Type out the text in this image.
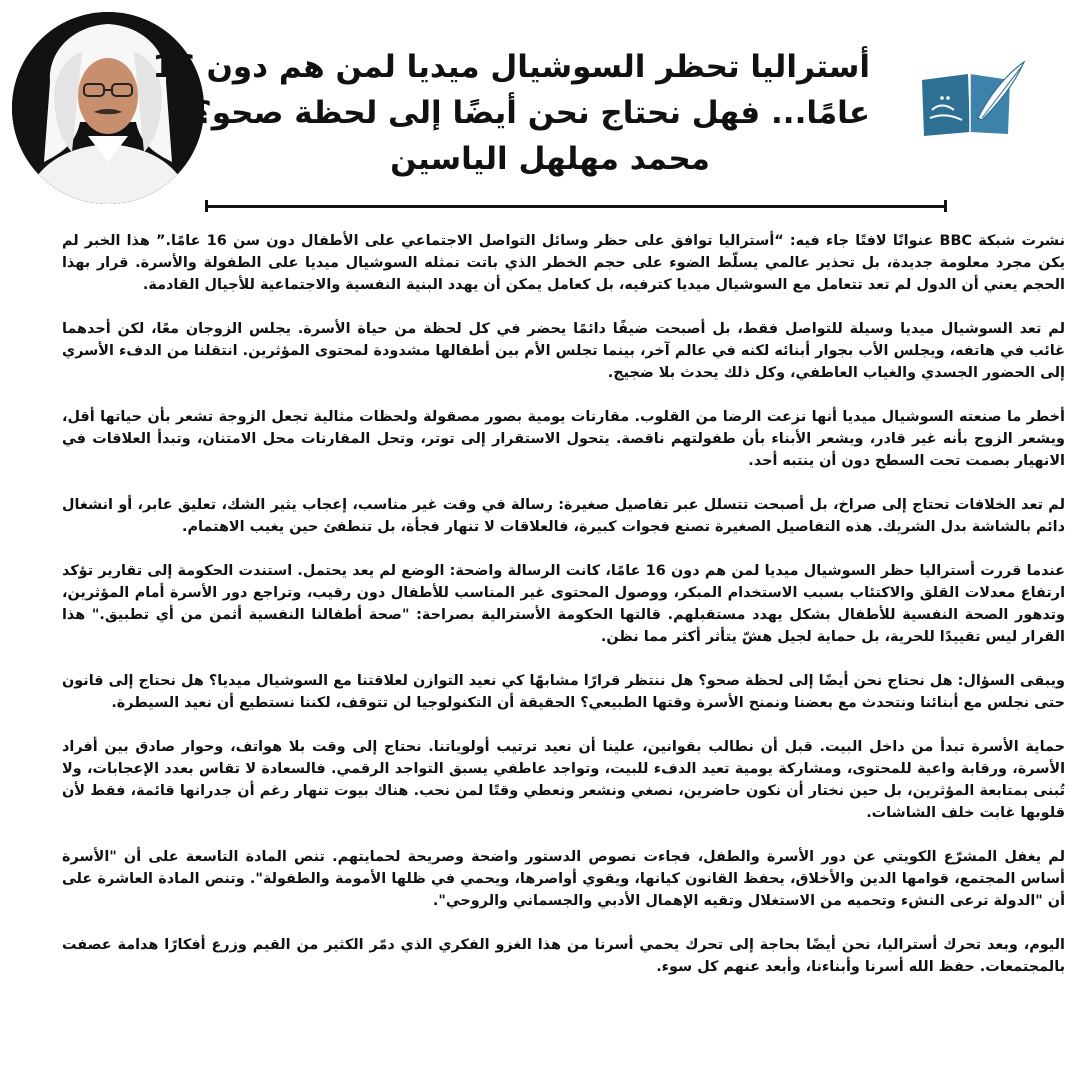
أستراليا تحظر السوشيال ميديا لمن هم دون 16
عامًا... فهل نحتاج نحن أيضًا إلى لحظة صحو؟
محمد مهلهل الياسين

نشرت شبكة BBC عنوانًا لافتًا جاء فيه: “أستراليا توافق على حظر وسائل التواصل الاجتماعي على الأطفال دون سن 16 عامًا.” هذا الخبر لم يكن مجرد معلومة جديدة، بل تحذير عالمي يسلّط الضوء على حجم الخطر الذي باتت تمثله السوشيال ميديا على الطفولة والأسرة. قرار بهذا الحجم يعني أن الدول لم تعد تتعامل مع السوشيال ميديا كترفيه، بل كعامل يمكن أن يهدد البنية النفسية والاجتماعية للأجيال القادمة.

لم تعد السوشيال ميديا وسيلة للتواصل فقط، بل أصبحت ضيفًا دائمًا يحضر في كل لحظة من حياة الأسرة. يجلس الزوجان معًا، لكن أحدهما غائب في هاتفه، ويجلس الأب بجوار أبنائه لكنه في عالم آخر، بينما تجلس الأم بين أطفالها مشدودة لمحتوى المؤثرين. انتقلنا من الدفء الأسري إلى الحضور الجسدي والغياب العاطفي، وكل ذلك يحدث بلا ضجيج.

أخطر ما صنعته السوشيال ميديا أنها نزعت الرضا من القلوب. مقارنات يومية بصور مصقولة ولحظات مثالية تجعل الزوجة تشعر بأن حياتها أقل، ويشعر الزوج بأنه غير قادر، ويشعر الأبناء بأن طفولتهم ناقصة. يتحول الاستقرار إلى توتر، وتحل المقارنات محل الامتنان، وتبدأ العلاقات في الانهيار بصمت تحت السطح دون أن ينتبه أحد.

لم تعد الخلافات تحتاج إلى صراخ، بل أصبحت تتسلل عبر تفاصيل صغيرة: رسالة في وقت غير مناسب، إعجاب يثير الشك، تعليق عابر، أو انشغال دائم بالشاشة بدل الشريك. هذه التفاصيل الصغيرة تصنع فجوات كبيرة، فالعلاقات لا تنهار فجأة، بل تنطفئ حين يغيب الاهتمام.

عندما قررت أستراليا حظر السوشيال ميديا لمن هم دون 16 عامًا، كانت الرسالة واضحة: الوضع لم يعد يحتمل. استندت الحكومة إلى تقارير تؤكد ارتفاع معدلات القلق والاكتئاب بسبب الاستخدام المبكر، ووصول المحتوى غير المناسب للأطفال دون رقيب، وتراجع دور الأسرة أمام المؤثرين، وتدهور الصحة النفسية للأطفال بشكل يهدد مستقبلهم. قالتها الحكومة الأسترالية بصراحة: "صحة أطفالنا النفسية أثمن من أي تطبيق." هذا القرار ليس تقييدًا للحرية، بل حماية لجيل هشّ يتأثر أكثر مما نظن.

ويبقى السؤال: هل نحتاج نحن أيضًا إلى لحظة صحو؟ هل ننتظر قرارًا مشابهًا كي نعيد التوازن لعلاقتنا مع السوشيال ميديا؟ هل نحتاج إلى قانون حتى نجلس مع أبنائنا ونتحدث مع بعضنا ونمنح الأسرة وقتها الطبيعي؟ الحقيقة أن التكنولوجيا لن تتوقف، لكننا نستطيع أن نعيد السيطرة.

حماية الأسرة تبدأ من داخل البيت. قبل أن نطالب بقوانين، علينا أن نعيد ترتيب أولوياتنا. نحتاج إلى وقت بلا هواتف، وحوار صادق بين أفراد الأسرة، ورقابة واعية للمحتوى، ومشاركة يومية تعيد الدفء للبيت، وتواجد عاطفي يسبق التواجد الرقمي. فالسعادة لا تقاس بعدد الإعجابات، ولا تُبنى بمتابعة المؤثرين، بل حين نختار أن نكون حاضرين، نصغي ونشعر ونعطي وقتًا لمن نحب. هناك بيوت تنهار رغم أن جدرانها قائمة، فقط لأن قلوبها غابت خلف الشاشات.

لم يغفل المشرّع الكويتي عن دور الأسرة والطفل، فجاءت نصوص الدستور واضحة وصريحة لحمايتهم. تنص المادة التاسعة على أن "الأسرة أساس المجتمع، قوامها الدين والأخلاق، يحفظ القانون كيانها، ويقوي أواصرها، ويحمي في ظلها الأمومة والطفولة". وتنص المادة العاشرة على أن "الدولة ترعى النشء وتحميه من الاستغلال وتقيه الإهمال الأدبي والجسماني والروحي".

اليوم، وبعد تحرك أستراليا، نحن أيضًا بحاجة إلى تحرك يحمي أسرنا من هذا الغزو الفكري الذي دمّر الكثير من القيم وزرع أفكارًا هدامة عصفت بالمجتمعات. حفظ الله أسرنا وأبناءنا، وأبعد عنهم كل سوء.
